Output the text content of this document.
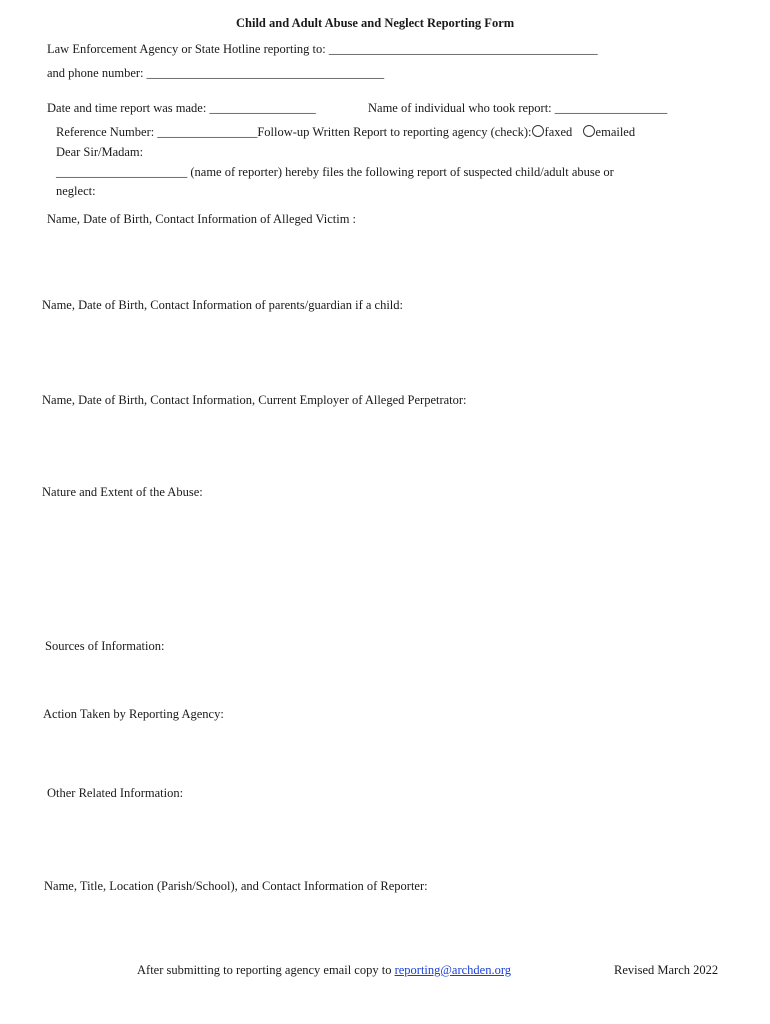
Child and Adult Abuse and Neglect Reporting Form
Law Enforcement Agency or State Hotline reporting to: ___________________________________________
and phone number: ______________________________________
Date and time report was made: _________________	Name of individual who took report: __________________
Reference Number: ________________Follow-up Written Report to reporting agency (check): faxed emailed
Dear Sir/Madam:
_____________________ (name of reporter) hereby files the following report of suspected child/adult abuse or
neglect:
Name, Date of Birth, Contact Information of Alleged Victim :
Name, Date of Birth, Contact Information of parents/guardian if a child:
Name, Date of Birth, Contact Information, Current Employer of Alleged Perpetrator:
Nature and Extent of the Abuse:
Sources of Information:
Action Taken by Reporting Agency:
Other Related Information:
Name, Title, Location (Parish/School), and Contact Information of Reporter:
After submitting to reporting agency email copy to reporting@archden.org	Revised March 2022
